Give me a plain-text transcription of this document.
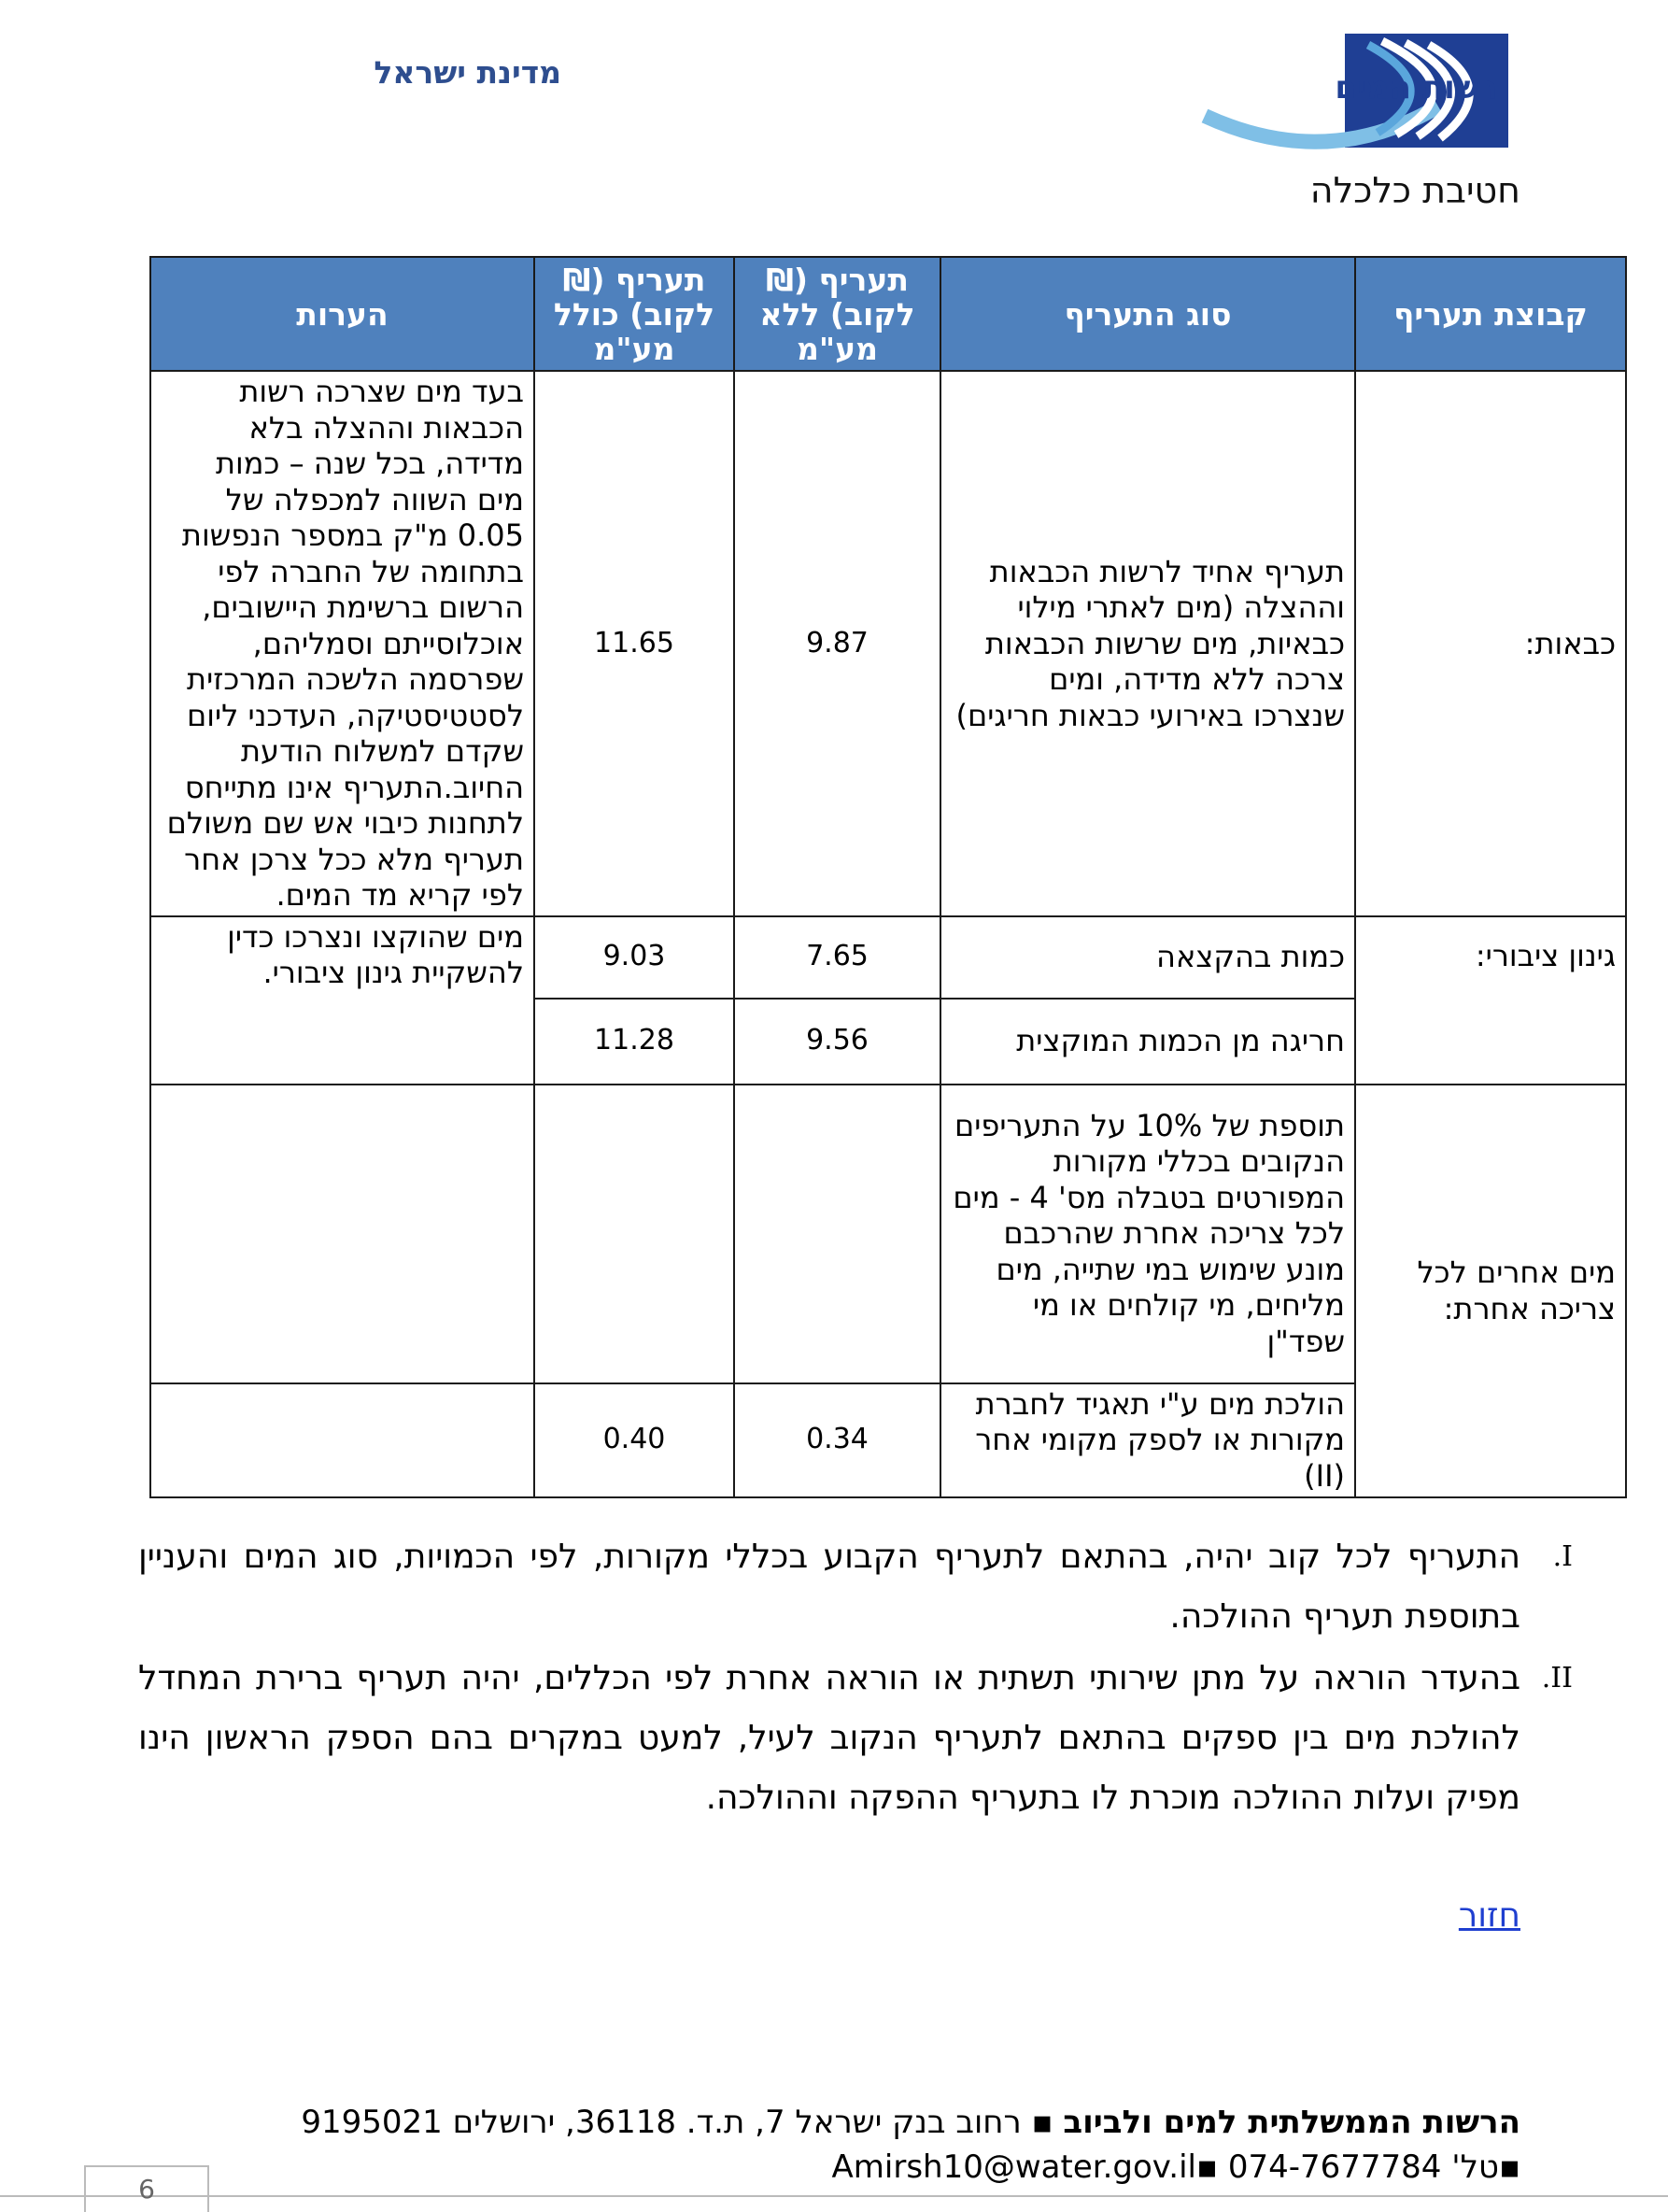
מדינת ישראל	רשות המים
חטיבת כלכלה
קבוצת תעריף	סוג התעריף	תעריף (₪ לקוב) ללא מע"מ	תעריף (₪ לקוב) כולל מע"מ	הערות
כבאות:	תעריף אחיד לרשות הכבאות וההצלה (מים לאתרי מילוי כבאיות, מים שרשות הכבאות צרכה ללא מדידה, ומים שנצרכו באירועי כבאות חריגים)	9.87	11.65	בעד מים שצרכה רשות הכבאות וההצלה בלא מדידה, בכל שנה – כמות מים השווה למכפלה של 0.05 מ"ק במספר הנפשות בתחומה של החברה לפי הרשום ברשימת היישובים, אוכלוסייתם וסמליהם, שפרסמה הלשכה המרכזית לסטטיסטיקה, העדכני ליום שקדם למשלוח הודעת החיוב.התעריף אינו מתייחס לתחנות כיבוי אש שם משולם תעריף מלא ככל צרכן אחר לפי קריא מד המים.
גינון ציבורי:	כמות בהקצאה	7.65	9.03	מים שהוקצו ונצרכו כדין להשקיית גינון ציבורי.
	חריגה מן הכמות המוקצית	9.56	11.28	
מים אחרים לכל צריכה אחרת:	תוספת של 10% על התעריפים הנקובים בכללי מקורות המפורטים בטבלה מס' 4 - מים לכל צריכה אחרת שהרכבם מונע שימוש במי שתייה, מים מליחים, מי קולחים או מי שפד"ן			
	הולכת מים ע"י תאגיד לחברת מקורות או לספק מקומי אחר (II)	0.34	0.40	
I.
התעריף לכל קוב יהיה, בהתאם לתעריף הקבוע בכללי מקורות, לפי הכמויות, סוג המים והעניין בתוספת תעריף ההולכה.
II.
בהעדר הוראה על מתן שירותי תשתית או הוראה אחרת לפי הכללים, יהיה תעריף ברירת המחדל להולכת מים בין ספקים בהתאם לתעריף הנקוב לעיל, למעט במקרים בהם הספק הראשון הינו מפיק ועלות ההולכה מוכרת לו בתעריף ההפקה וההולכה.
חזור
הרשות הממשלתית למים ולביוב ▪ רחוב בנק ישראל 7, ת.ד. 36118, ירושלים 9195021
▪טל' 074-7677784 ▪Amirsh10@water.gov.il
6
